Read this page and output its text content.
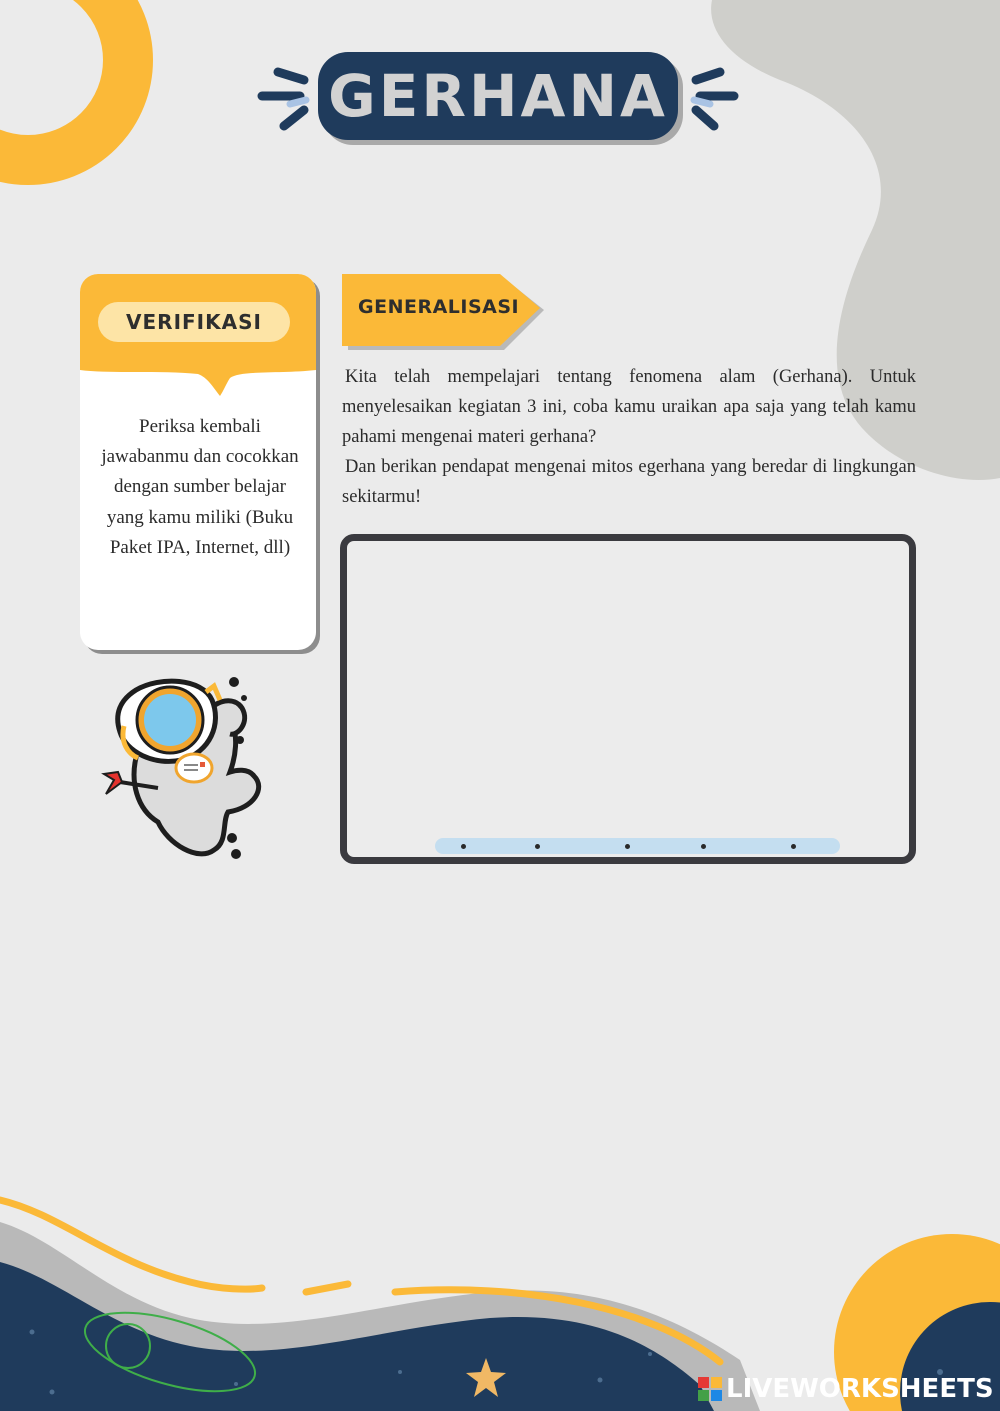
GERHANA
VERIFIKASI
Periksa kembali jawabanmu dan cocokkan dengan sumber belajar yang kamu miliki (Buku Paket IPA, Internet, dll)
GENERALISASI

Kita telah mempelajari tentang fenomena alam (Gerhana). Untuk menyelesaikan kegiatan 3 ini, coba kamu uraikan apa saja yang telah kamu pahami mengenai materi gerhana?

Dan berikan pendapat mengenai mitos egerhana yang beredar di lingkungan sekitarmu!

LIVEWORKSHEETS
